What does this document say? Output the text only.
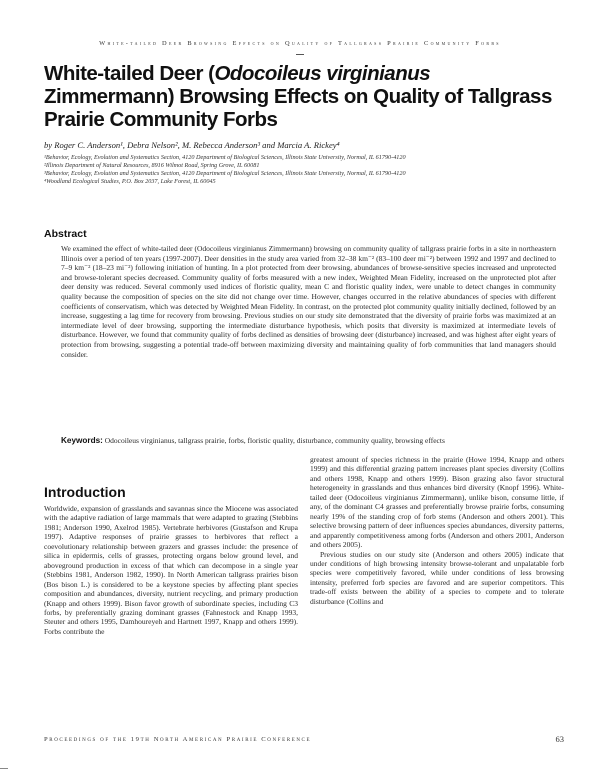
White-tailed Deer Browsing Effects on Quality of Tallgrass Prairie Community Forbs
White-tailed Deer (Odocoileus virginianus Zimmermann) Browsing Effects on Quality of Tallgrass Prairie Community Forbs
by Roger C. Anderson¹, Debra Nelson², M. Rebecca Anderson³ and Marcia A. Rickey⁴
¹Behavior, Ecology, Evolution and Systematics Section, 4120 Department of Biological Sciences, Illinois State University, Normal, IL 61790-4120
²Illinois Department of Natural Resources, 8916 Wilmot Road, Spring Grove, IL 60081
³Behavior, Ecology, Evolution and Systematics Section, 4120 Department of Biological Sciences, Illinois State University, Normal, IL 61790-4120
⁴Woodland Ecological Studies, P.O. Box 2037, Lake Forest, IL 60045
Abstract

We examined the effect of white-tailed deer (Odocoileus virginianus Zimmermann) browsing on community quality of tallgrass prairie forbs in a site in northeastern Illinois over a period of ten years (1997-2007). Deer densities in the study area varied from 32–38 km⁻² (83–100 deer mi⁻²) between 1992 and 1997 and declined to 7–9 km⁻² (18–23 mi⁻²) following initiation of hunting. In a plot protected from deer browsing, abundances of browse-sensitive species increased and unprotected and browse-tolerant species decreased. Community quality of forbs measured with a new index, Weighted Mean Fidelity, increased on the unprotected plot after deer density was reduced. Several commonly used indices of floristic quality, mean C and floristic quality index, were unable to detect changes in community quality because the composition of species on the site did not change over time. However, changes occurred in the relative abundances of species with different coefficients of conservatism, which was detected by Weighted Mean Fidelity. In contrast, on the protected plot community quality initially declined, followed by an increase, suggesting a lag time for recovery from browsing. Previous studies on our study site demonstrated that the diversity of prairie forbs was maximized at an intermediate level of deer browsing, supporting the intermediate disturbance hypothesis, which posits that diversity is maximized at intermediate levels of disturbance. However, we found that community quality of forbs declined as densities of browsing deer (disturbance) increased, and was highest after eight years of protection from browsing, suggesting a potential trade-off between maximizing diversity and maintaining quality of forb communities that land managers should consider.

Keywords: Odocoileus virginianus, tallgrass prairie, forbs, floristic quality, disturbance, community quality, browsing effects

Introduction

Worldwide, expansion of grasslands and savannas since the Miocene was associated with the adaptive radiation of large mammals that were adapted to grazing (Stebbins 1981; Anderson 1990, Axelrod 1985). Vertebrate herbivores (Gustafson and Krupa 1997). Adaptive responses of prairie grasses to herbivores that reflect a coevolutionary relationship between grazers and grasses include: the presence of silica in epidermis, cells of grasses, protecting organs below ground level, and aboveground production in excess of that which can decompose in a single year (Stebbins 1981, Anderson 1982, 1990). In North American tallgrass prairies bison (Bos bison L.) is considered to be a keystone species by affecting plant species composition and abundances, diversity, nutrient recycling, and primary production (Knapp and others 1999). Bison favor growth of subordinate species, including C3 forbs, by preferentially grazing dominant grasses (Fahnestock and Knapp 1993, Steuter and others 1995, Damhoureyeh and Hartnett 1997, Knapp and others 1999). Forbs contribute the

greatest amount of species richness in the prairie (Howe 1994, Knapp and others 1999) and this differential grazing pattern increases plant species diversity (Collins and others 1998, Knapp and others 1999). Bison grazing also favor structural heterogeneity in grasslands and thus enhances bird diversity (Knopf 1996). White-tailed deer (Odocoileus virginianus Zimmermann), unlike bison, consume little, if any, of the dominant C4 grasses and preferentially browse prairie forbs, consuming nearly 19% of the standing crop of forb stems (Anderson and others 2001). This selective browsing pattern of deer influences species abundances, diversity patterns, and apparently competitiveness among forbs (Anderson and others 2001, Anderson and others 2005).

Previous studies on our study site (Anderson and others 2005) indicate that under conditions of high browsing intensity browse-tolerant and unpalatable forb species were competitively favored, while under conditions of less browsing intensity, preferred forb species are favored and are superior competitors. This trade-off exists between the ability of a species to compete and to tolerate disturbance (Collins and

Proceedings of the 19th North American Prairie Conference	63
